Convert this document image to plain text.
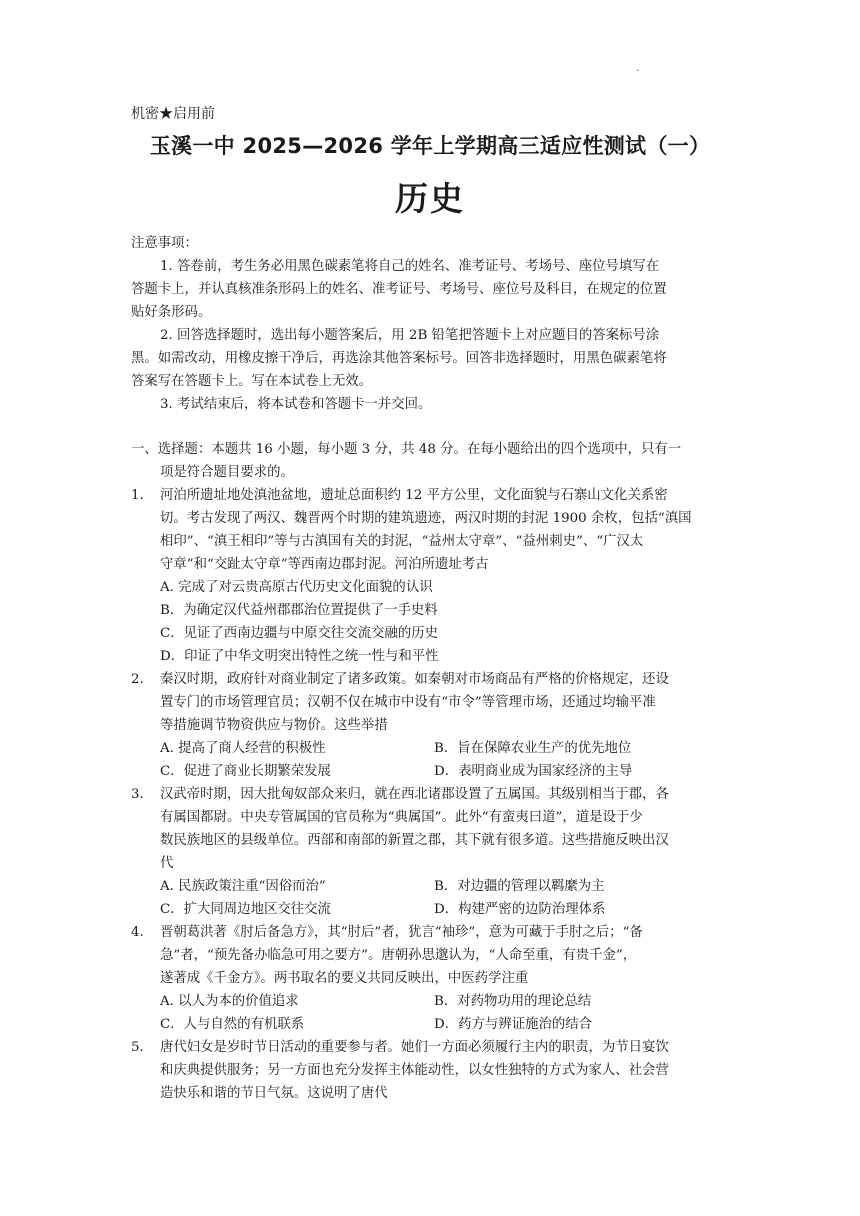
·
机密★启用前
玉溪一中 2025—2026 学年上学期高三适应性测试（一）
历史
注意事项：
1. 答卷前，考生务必用黑色碳素笔将自己的姓名、准考证号、考场号、座位号填写在
答题卡上，并认真核准条形码上的姓名、准考证号、考场号、座位号及科目，在规定的位置
贴好条形码。
2. 回答选择题时，选出每小题答案后，用 2B 铅笔把答题卡上对应题目的答案标号涂
黑。如需改动，用橡皮擦干净后，再选涂其他答案标号。回答非选择题时，用黑色碳素笔将
答案写在答题卡上。写在本试卷上无效。
3. 考试结束后，将本试卷和答题卡一并交回。
一、选择题：本题共 16 小题，每小题 3 分，共 48 分。在每小题给出的四个选项中，只有一
项是符合题目要求的。
1. 河泊所遗址地处滇池盆地，遗址总面积约 12 平方公里，文化面貌与石寨山文化关系密
切。考古发现了两汉、魏晋两个时期的建筑遗迹，两汉时期的封泥 1900 余枚，包括“滇国
相印”、“滇王相印”等与古滇国有关的封泥，“益州太守章”、“益州刺史”、“广汉太
守章”和“交趾太守章”等西南边郡封泥。河泊所遗址考古
A. 完成了对云贵高原古代历史文化面貌的认识
B．为确定汉代益州郡郡治位置提供了一手史料
C．见证了西南边疆与中原交往交流交融的历史
D．印证了中华文明突出特性之统一性与和平性
2. 秦汉时期，政府针对商业制定了诸多政策。如秦朝对市场商品有严格的价格规定，还设
置专门的市场管理官员；汉朝不仅在城市中设有“市令”等管理市场，还通过均输平准
等措施调节物资供应与物价。这些举措
A. 提高了商人经营的积极性	B．旨在保障农业生产的优先地位
C．促进了商业长期繁荣发展	D．表明商业成为国家经济的主导
3. 汉武帝时期，因大批匈奴部众来归，就在西北诸郡设置了五属国。其级别相当于郡，各
有属国都尉。中央专管属国的官员称为“典属国”。此外“有蛮夷曰道”，道是设于少
数民族地区的县级单位。西部和南部的新置之郡，其下就有很多道。这些措施反映出汉
代
A. 民族政策注重“因俗而治”	B．对边疆的管理以羁縻为主
C．扩大同周边地区交往交流	D．构建严密的边防治理体系
4. 晋朝葛洪著《肘后备急方》，其“肘后”者，犹言“袖珍”，意为可藏于手肘之后；“备
急”者，“预先备办临急可用之要方”。唐朝孙思邈认为，“人命至重，有贵千金”，
遂著成《千金方》。两书取名的要义共同反映出，中医药学注重
A. 以人为本的价值追求	B．对药物功用的理论总结
C．人与自然的有机联系	D．药方与辨证施治的结合
5. 唐代妇女是岁时节日活动的重要参与者。她们一方面必须履行主内的职责，为节日宴饮
和庆典提供服务；另一方面也充分发挥主体能动性，以女性独特的方式为家人、社会营
造快乐和谐的节日气氛。这说明了唐代
